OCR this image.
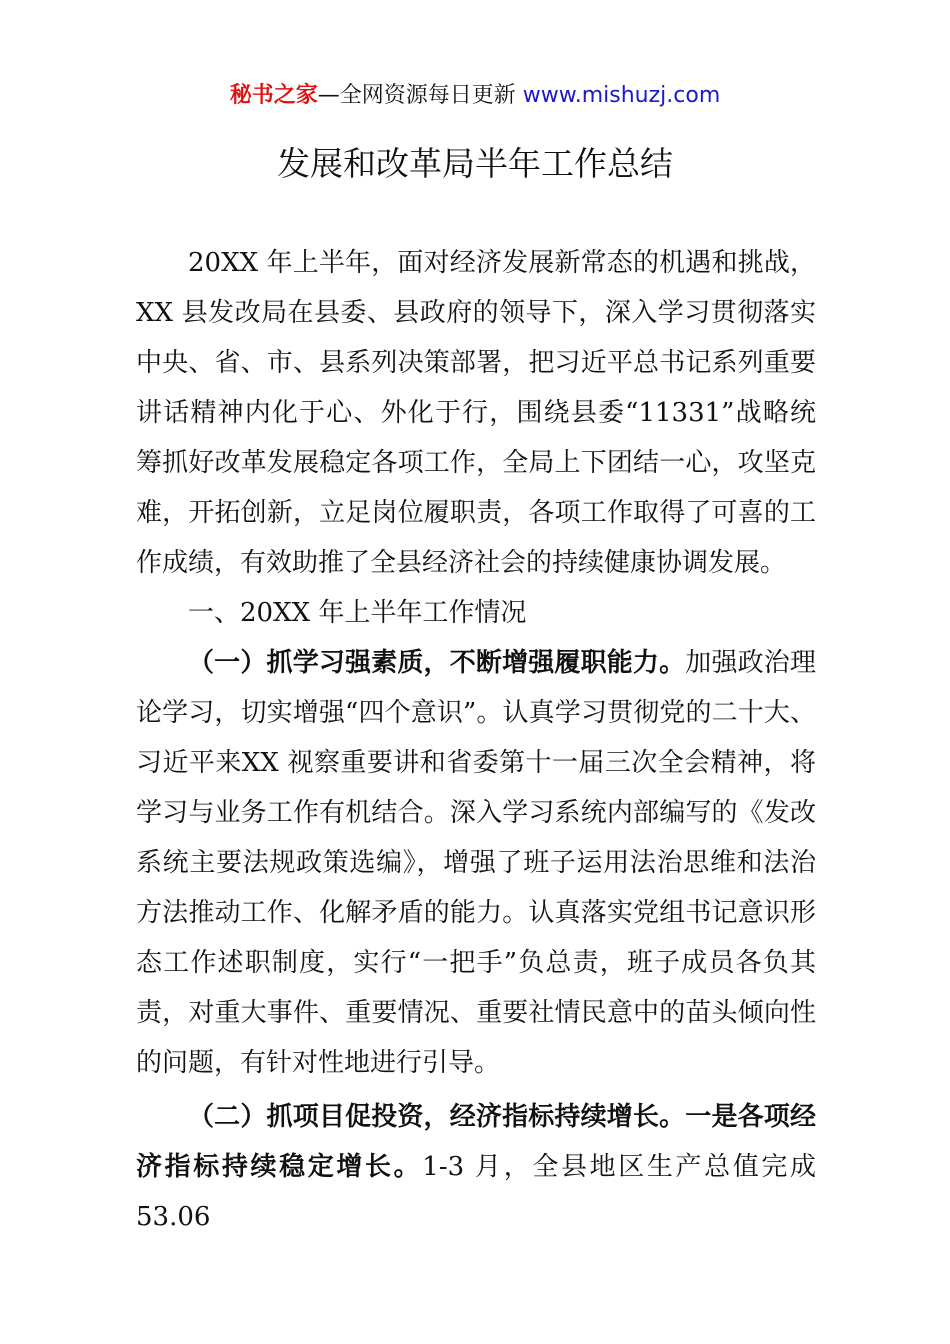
秘书之家—全网资源每日更新 www.mishuzj.com
发展和改革局半年工作总结

20XX 年上半年，面对经济发展新常态的机遇和挑战，XX 县发改局在县委、县政府的领导下，深入学习贯彻落实中央、省、市、县系列决策部署，把习近平总书记系列重要讲话精神内化于心、外化于行，围绕县委“11331”战略统筹抓好改革发展稳定各项工作，全局上下团结一心，攻坚克难，开拓创新，立足岗位履职责，各项工作取得了可喜的工作成绩，有效助推了全县经济社会的持续健康协调发展。

一、20XX 年上半年工作情况

（一）抓学习强素质，不断增强履职能力。加强政治理论学习，切实增强“四个意识”。认真学习贯彻党的二十大、习近平来XX 视察重要讲和省委第十一届三次全会精神，将学习与业务工作有机结合。深入学习系统内部编写的《发改系统主要法规政策选编》，增强了班子运用法治思维和法治方法推动工作、化解矛盾的能力。认真落实党组书记意识形态工作述职制度，实行“一把手”负总责，班子成员各负其责，对重大事件、重要情况、重要社情民意中的苗头倾向性的问题，有针对性地进行引导。

（二）抓项目促投资，经济指标持续增长。一是各项经济指标持续稳定增长。1-3 月，全县地区生产总值完成 53.06
